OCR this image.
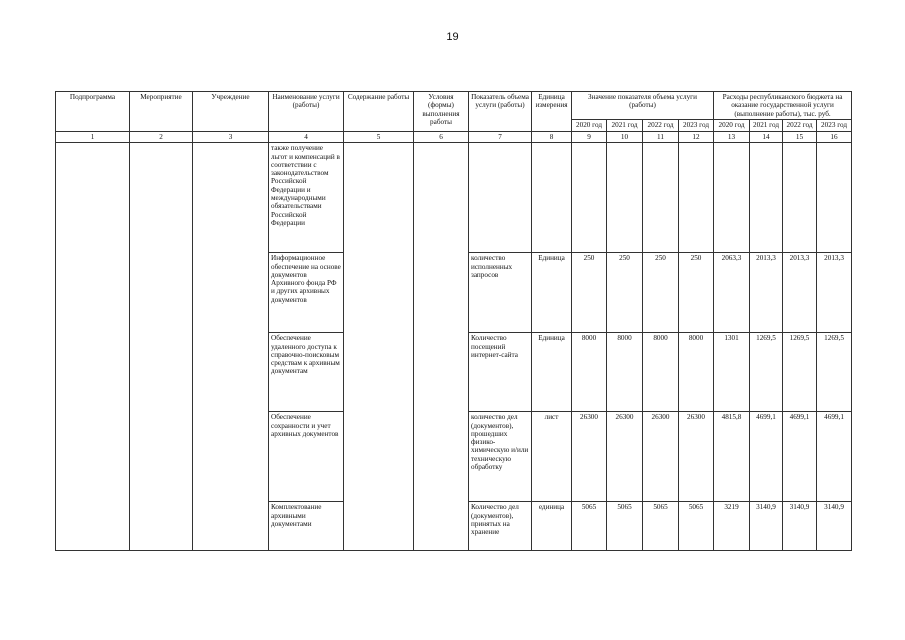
19
Подпрограмма	Мероприятие	Учреждение	Наименование услуги (работы)	Содержание работы	Условия (формы) выполнения работы	Показатель объема услуги (работы)	Единица измерения	Значение показателя объема услуги (работы)				Расходы республиканского бюджета на оказание государственной услуги (выполнение работы), тыс. руб.			
								2020 год	2021 год	2022 год	2023 год	2020 год	2021 год	2022 год	2023 год
1	2	3	4	5	6	7	8	9	10	11	12	13	14	15	16
			также получение льгот и компенсаций в соответствии с законодательством Российской Федерации и международными обязательствами Российской Федерации												
			Информационное обеспечение на основе документов Архивного фонда РФ и других архивных документов			количество исполненных запросов	Единица	250	250	250	250	2063,3	2013,3	2013,3	2013,3
			Обеспечение удаленного доступа к справочно-поисковым средствам к архивным документам			Количество посещений интернет-сайта	Единица	8000	8000	8000	8000	1301	1269,5	1269,5	1269,5
			Обеспечение сохранности и учет архивных документов			количество дел (документов), прошедших физико-химическую и/или техническую обработку	лист	26300	26300	26300	26300	4815,8	4699,1	4699,1	4699,1
			Комплектование архивными документами			Количество дел (документов), принятых на хранение	единица	5065	5065	5065	5065	3219	3140,9	3140,9	3140,9
